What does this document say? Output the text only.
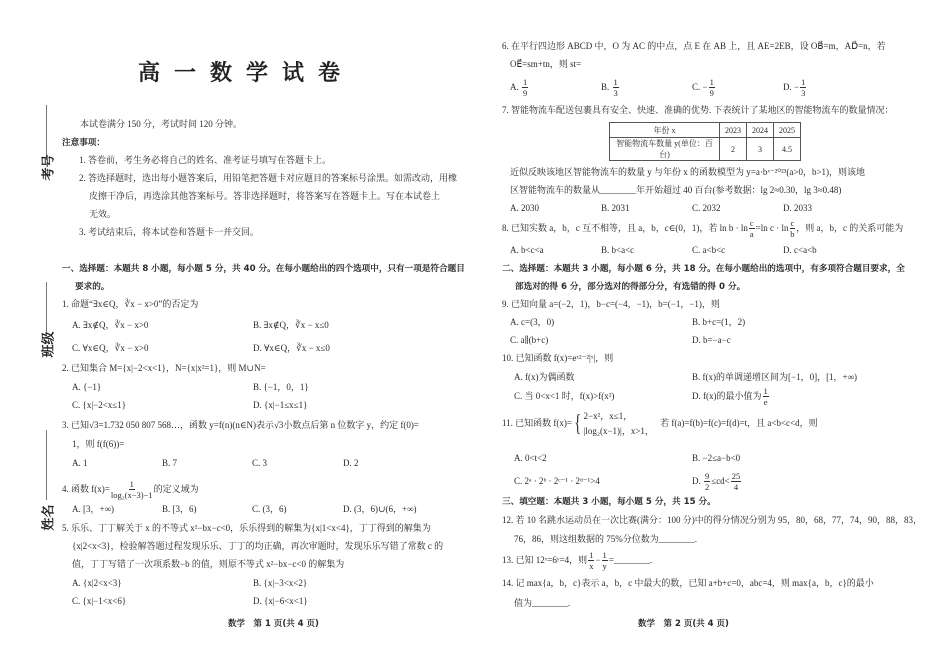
高一数学试卷
考号
班级
姓名
本试卷满分 150 分，考试时间 120 分钟。
注意事项：
1. 答卷前，考生务必将自己的姓名、准考证号填写在答题卡上。
2. 答选择题时，选出每小题答案后，用铅笔把答题卡对应题目的答案标号涂黑。如需改动，用橡
皮擦干净后，再选涂其他答案标号。答非选择题时，将答案写在答题卡上。写在本试卷上
无效。
3. 考试结束后，将本试卷和答题卡一并交回。
一、选择题：本题共 8 小题，每小题 5 分，共 40 分。在每小题给出的四个选项中，只有一项是符合题目
要求的。
1. 命题“∃x∈Q，∛x − x>0”的否定为
A. ∃x∉Q，∛x − x>0	B. ∃x∉Q，∛x − x≤0
C. ∀x∈Q，∛x − x>0	D. ∀x∈Q，∛x − x≤0
2. 已知集合 M={x|−2<x<1}，N={x|x²=1}，则 M∪N=
A. {−1}	B. {−1，0，1}
C. {x|−2<x≤1}	D. {x|−1≤x≤1}
3. 已知√3=1.732 050 807 568…，函数 y=f(n)(n∈N)表示√3小数点后第 n 位数字 y，约定 f(0)=
1，则 f(f(6))=
A. 1	B. 7	C. 3	D. 2
4. 函数 $f(x)= \frac{1}{\text{log₂(x−3)−1}}$ 的定义域为
A. [3，+∞)	B. [3，6)	C. (3，6)	D. (3，6)∪(6，+∞)
5. 乐乐、丁丁解关于 x 的不等式 x²−bx−c<0，乐乐得到的解集为{x|1<x<4}，丁丁得到的解集为
{x|2<x<3}，检验解答题过程发现乐乐、丁丁的均正确，再次审题时，发现乐乐写错了常数 c 的
值，丁丁写错了一次项系数−b 的值，则原不等式 x²−bx−c<0 的解集为
A. {x|2<x<3}	B. {x|−3<x<2}
C. {x|−1<x<6}	D. {x|−6<x<1}
数学　第 1 页(共 4 页)
6. 在平行四边形 ABCD 中，O 为 AC 的中点，点 E 在 AB 上，且 AE=2EB，设 OB⃗=m，AD⃗=n，若
OE⃗=sm+tn，则 st=
A. $\frac{1}{9}$	B. $\frac{1}{3}$	C. − $\frac{1}{9}$	D. − $\frac{1}{3}$
7. 智能物流车配送包裹具有安全、快速、准确的优势. 下表统计了某地区的智能物流车的数量情况：
年份 x	2023	2024	2025
智能物流车数量 y(单位：百台)	2	3	4.5
近似反映该地区智能物流车的数量 y 与年份 x 的函数模型为 y=a·bˣ⁻²⁰²³(a>0，b>1)，则该地
区智能物流车的数量从________年开始超过 40 百台(参考数据：lg 2≈0.30，lg 3≈0.48)
A. 2030	B. 2031	C. 2032	D. 2033
8. 已知实数 a，b，c 互不相等，且 a，b，c∈(0，1)，若 $\ln b \cdot \ln \frac{c}{a} =\ln$ $c \cdot \ln \frac{c}{b}$ ，则 a，b，c 的关系可能为
A. b<c<a	B. b<a<c	C. a<b<c	D. c<a<b
二、选择题：本题共 3 小题，每小题 6 分，共 18 分。在每小题给出的选项中，有多项符合题目要求，全
部选对的得 6 分，部分选对的得部分分，有选错的得 0 分。
9. 已知向量 a=(−2，1)，b−c=(−4，−1)，b=(−1，−1)，则
A. c=(3，0)	B. b+c=(1，2)
C. a∥(b+c)	D. b=−a−c
10. 已知函数 f(x)=eˣ²⁻²|ˣ|，则
A. f(x)为偶函数	B. f(x)的单调递增区间为[−1，0]，[1，+∞)
C. 当 0<x<1 时，f(x)>f(x²)	D. f(x)的最小值为 $\frac{1}{e}$
11. 已知函数 f(x)={ 2−x²，x≤1，
|log₂(x−1)|，x>1，
若 f(a)=f(b)=f(c)=f(d)=t，且 a<b<c<d，则
A. 0<t<2	B. −2≤a−b<0
C. 2ᵃ · 2ᵇ · 2ᶜ⁻¹ · 2ᵈ⁻¹>4	D. $\frac{9}{2} \le cd< \frac{25}{4}$
三、填空题：本题共 3 小题，每小题 5 分，共 15 分。
12. 若 10 名跳水运动员在一次比赛(满分：100 分)中的得分情况分别为 95，80，68，77，74，90，88，83，
76，86，则这组数据的 75%分位数为________.
13. 已知 12ˣ=6ʸ=4，则 $\frac{1}{x} - \frac{1}{y}$ =________.
14. 记 max{a，b，c}表示 a，b，c 中最大的数，已知 a+b+c=0，abc=4，则 max{a，b，c}的最小
值为________.
数学　第 2 页(共 4 页)
